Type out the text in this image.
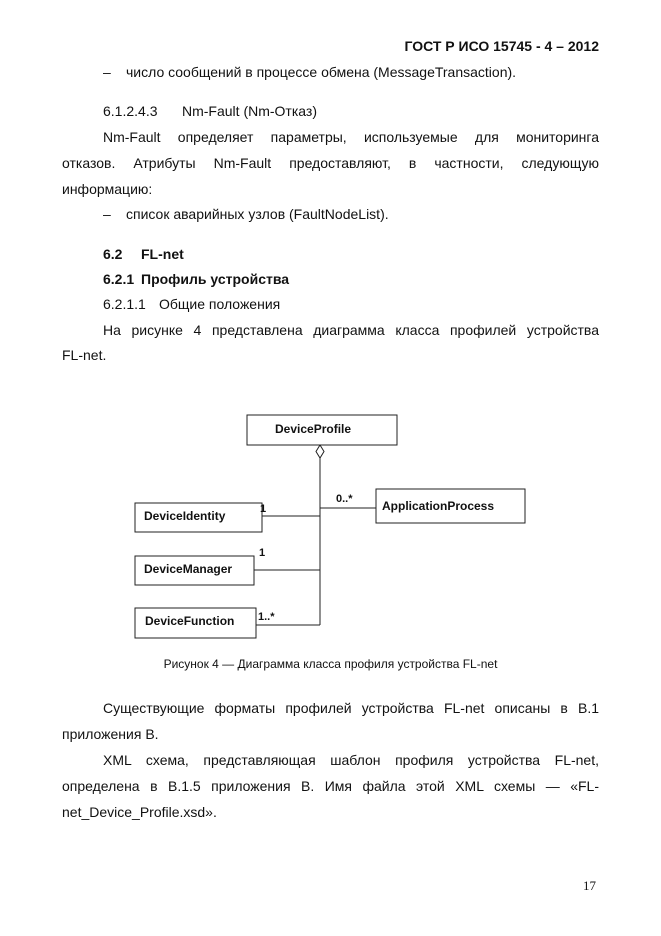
ГОСТ Р ИСО 15745 - 4 – 2012
– число сообщений в процессе обмена (MessageTransaction).
6.1.2.4.3 Nm-Fault (Nm-Отказ)
Nm-Fault определяет параметры, используемые для мониторинга
отказов. Атрибуты Nm-Fault предоставляют, в частности, следующую
информацию:
– список аварийных узлов (FaultNodeList).
6.2 FL-net
6.2.1 Профиль устройства
6.2.1.1 Общие положения
На рисунке 4 представлена диаграмма класса профилей устройства
FL-net.
DeviceProfile
ApplicationProcess
DeviceIdentity
DeviceManager
DeviceFunction
0..*
1
1
1..*
Рисунок 4 — Диаграмма класса профиля устройства FL-net
Существующие форматы профилей устройства FL-net описаны в B.1
приложения B.
XML схема, представляющая шаблон профиля устройства FL-net,
определена в B.1.5 приложения B. Имя файла этой XML схемы — «FL-
net_Device_Profile.xsd».
17
